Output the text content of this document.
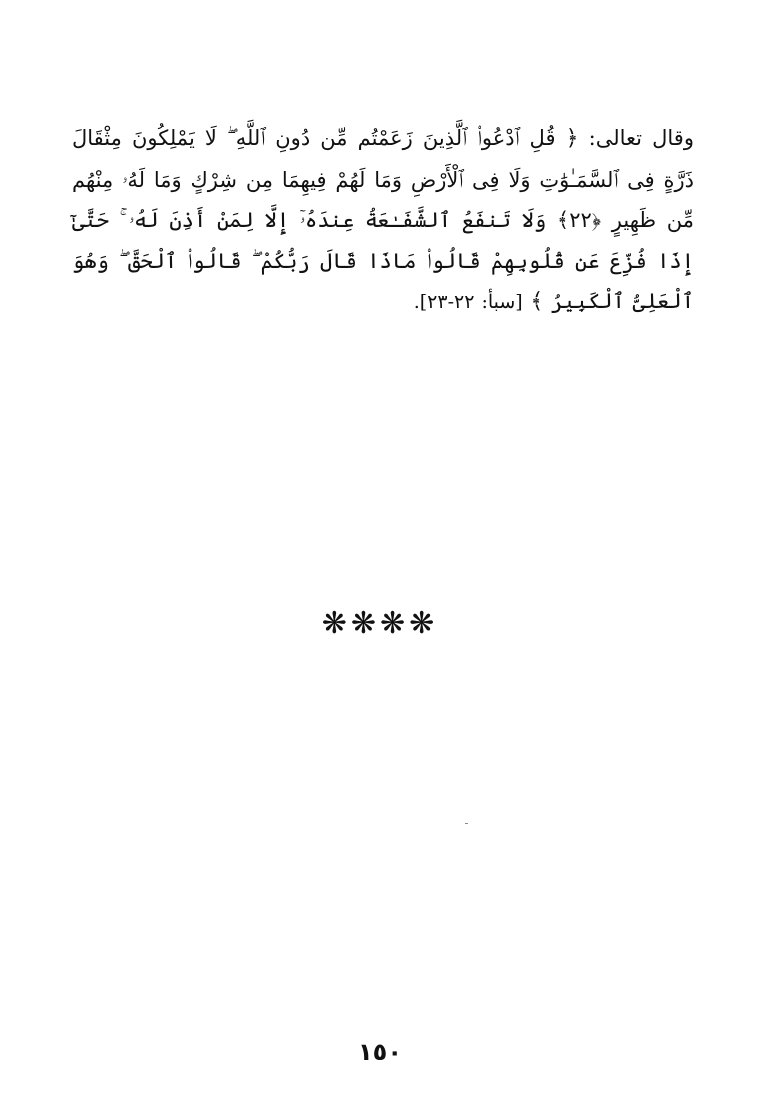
وقال تعالى: ﴿ قُلِ ٱدْعُوا۟ ٱلَّذِينَ زَعَمْتُم مِّن دُونِ ٱللَّهِ ۖ لَا يَمْلِكُونَ مِثْقَالَ ذَرَّةٍ فِى ٱلسَّمَـٰوَٰتِ وَلَا فِى ٱلْأَرْضِ وَمَا لَهُمْ فِيهِمَا مِن شِرْكٍ وَمَا لَهُۥ مِنْهُم مِّن ظَهِيرٍ ﴿٢٢﴾ وَلَا تَنفَعُ ٱلشَّفَـٰعَةُ عِندَهُۥٓ إِلَّا لِمَنْ أَذِنَ لَهُۥ ۚ حَتَّىٰٓ إِذَا فُزِّعَ عَن قُلُوبِهِمْ قَالُوا۟ مَاذَا قَالَ رَبُّكُمْ ۖ قَالُوا۟ ٱلْحَقَّ ۖ وَهُوَ ٱلْعَلِىُّ ٱلْكَبِيرُ ﴾ [سبأ: ٢٢-٢٣].
❋❋❋❋
١٥٠
